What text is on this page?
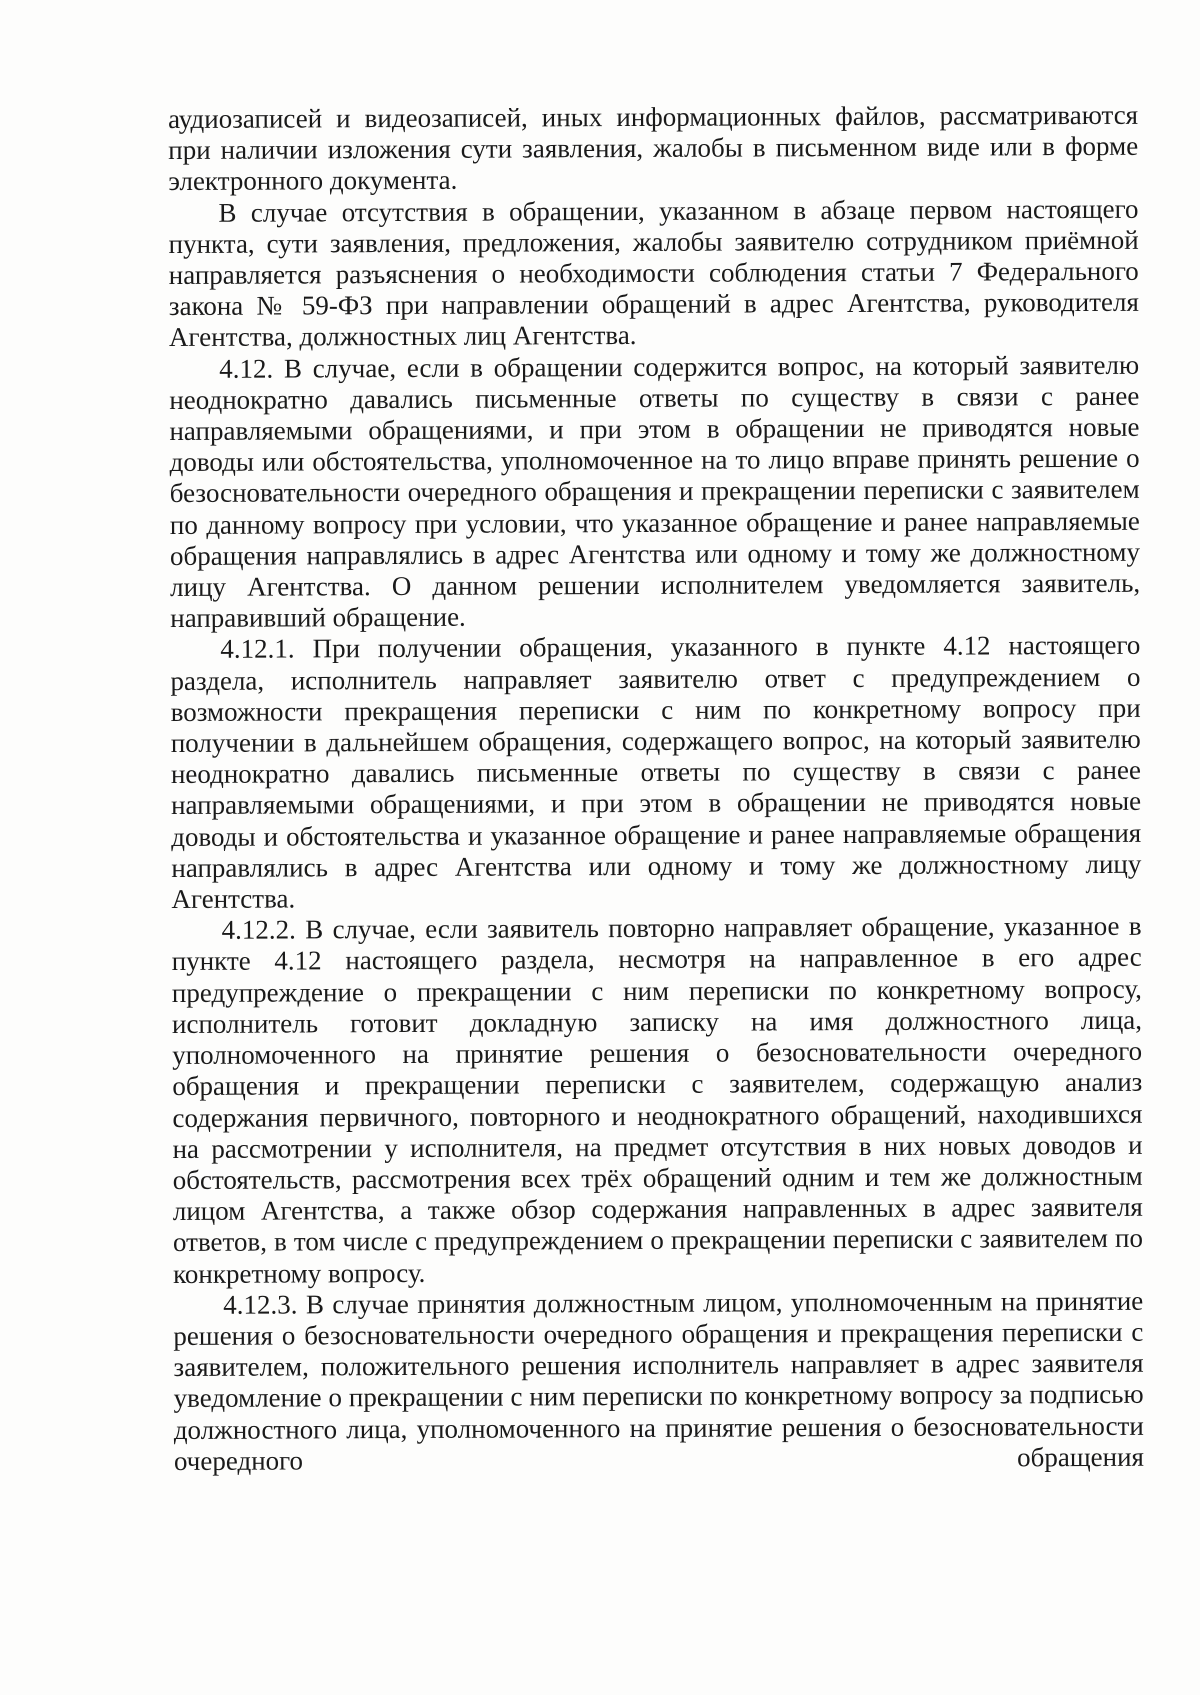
аудиозаписей и видеозаписей, иных информационных файлов, рассматриваются при наличии изложения сути заявления, жалобы в письменном виде или в форме электронного документа.

В случае отсутствия в обращении, указанном в абзаце первом настоящего пункта, сути заявления, предложения, жалобы заявителю сотрудником приёмной направляется разъяснения о необходимости соблюдения статьи 7 Федерального закона № 59-ФЗ при направлении обращений в адрес Агентства, руководителя Агентства, должностных лиц Агентства.

4.12. В случае, если в обращении содержится вопрос, на который заявителю неоднократно давались письменные ответы по существу в связи с ранее направляемыми обращениями, и при этом в обращении не приводятся новые доводы или обстоятельства, уполномоченное на то лицо вправе принять решение о безосновательности очередного обращения и прекращении переписки с заявителем по данному вопросу при условии, что указанное обращение и ранее направляемые обращения направлялись в адрес Агентства или одному и тому же должностному лицу Агентства. О данном решении исполнителем уведомляется заявитель, направивший обращение.

4.12.1. При получении обращения, указанного в пункте 4.12 настоящего раздела, исполнитель направляет заявителю ответ с предупреждением о возможности прекращения переписки с ним по конкретному вопросу при получении в дальнейшем обращения, содержащего вопрос, на который заявителю неоднократно давались письменные ответы по существу в связи с ранее направляемыми обращениями, и при этом в обращении не приводятся новые доводы и обстоятельства и указанное обращение и ранее направляемые обращения направлялись в адрес Агентства или одному и тому же должностному лицу Агентства.

4.12.2. В случае, если заявитель повторно направляет обращение, указанное в пункте 4.12 настоящего раздела, несмотря на направленное в его адрес предупреждение о прекращении с ним переписки по конкретному вопросу, исполнитель готовит докладную записку на имя должностного лица, уполномоченного на принятие решения о безосновательности очередного обращения и прекращении переписки с заявителем, содержащую анализ содержания первичного, повторного и неоднократного обращений, находившихся на рассмотрении у исполнителя, на предмет отсутствия в них новых доводов и обстоятельств, рассмотрения всех трёх обращений одним и тем же должностным лицом Агентства, а также обзор содержания направленных в адрес заявителя ответов, в том числе с предупреждением о прекращении переписки с заявителем по конкретному вопросу.

4.12.3. В случае принятия должностным лицом, уполномоченным на принятие решения о безосновательности очередного обращения и прекращения переписки с заявителем, положительного решения исполнитель направляет в адрес заявителя уведомление о прекращении с ним переписки по конкретному вопросу за подписью должностного лица, уполномоченного на принятие решения о безосновательности очередного обращения
